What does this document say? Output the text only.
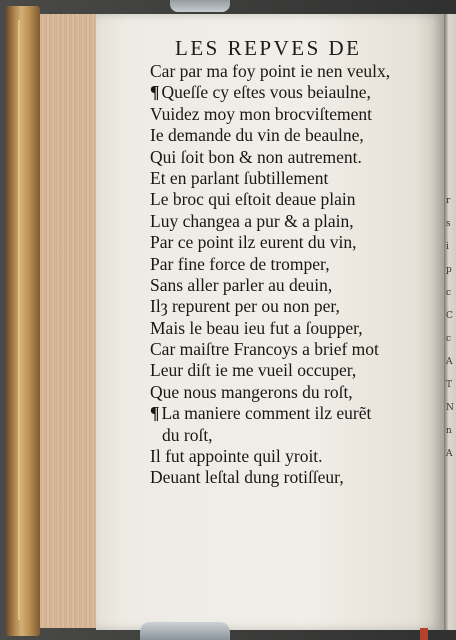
r
s
i
p
c
C
c
A
T
N
n
A
LES REPVES DE
Car par ma foy point ie nen veulx,
¶ Queſſe cy eſtes vous beiaulne,
Vuidez moy mon brocviſtement
Ie demande du vin de beaulne,
Qui ſoit bon & non autrement.
Et en parlant ſubtillement
Le broc qui eſtoit deaue plain
Luy changea a pur & a plain,
Par ce point ilz eurent du vin,
Par fine force de tromper,
Sans aller parler au deuin,
Ilȝ repurent per ou non per,
Mais le beau ieu fut a ſoupper,
Car maiſtre Francoys a brief mot
Leur diſt ie me vueil occuper,
Que nous mangerons du roſt,
¶ La maniere comment ilz eurẽt
du roſt,
Il fut appointe quil yroit.
Deuant leſtal dung rotiſſeur,
